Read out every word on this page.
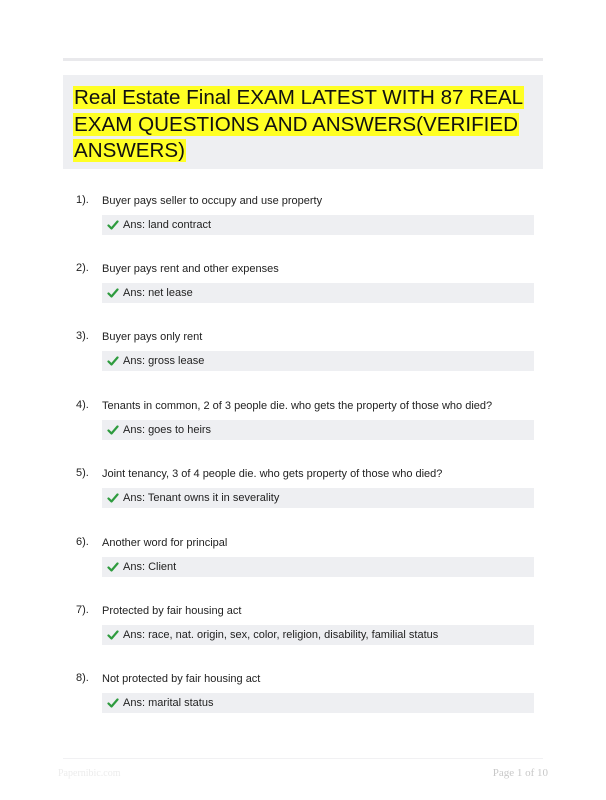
Real Estate Final EXAM LATEST WITH 87 REAL EXAM QUESTIONS AND ANSWERS(VERIFIED ANSWERS)
1). Buyer pays seller to occupy and use property
Ans: land contract
2). Buyer pays rent and other expenses
Ans: net lease
3). Buyer pays only rent
Ans: gross lease
4). Tenants in common, 2 of 3 people die. who gets the property of those who died?
Ans: goes to heirs
5). Joint tenancy, 3 of 4 people die. who gets property of those who died?
Ans: Tenant owns it in severality
6). Another word for principal
Ans: Client
7). Protected by fair housing act
Ans: race, nat. origin, sex, color, religion, disability, familial status
8). Not protected by fair housing act
Ans: marital status
Papernibic.com	Page 1 of 10
